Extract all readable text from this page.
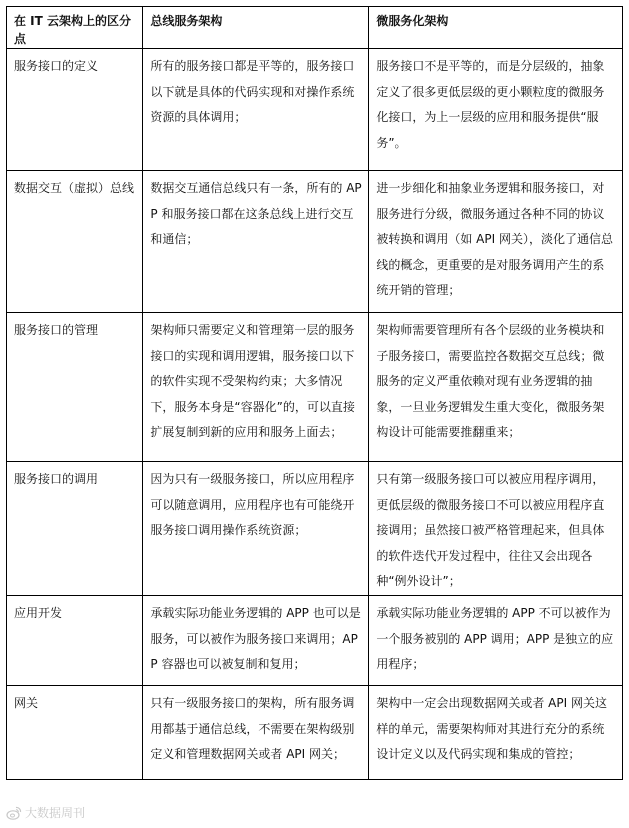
在 IT 云架构上的区分点	总线服务架构	微服务化架构
服务接口的定义	所有的服务接口都是平等的，服务接口以下就是具体的代码实现和对操作系统资源的具体调用；	服务接口不是平等的，而是分层级的，抽象定义了很多更低层级的更小颗粒度的微服务化接口，为上一层级的应用和服务提供“服务”。
数据交互（虚拟）总线	数据交互通信总线只有一条，所有的 APP 和服务接口都在这条总线上进行交互和通信；	进一步细化和抽象业务逻辑和服务接口，对服务进行分级，微服务通过各种不同的协议被转换和调用（如 API 网关），淡化了通信总线的概念，更重要的是对服务调用产生的系统开销的管理；
服务接口的管理	架构师只需要定义和管理第一层的服务接口的实现和调用逻辑，服务接口以下的软件实现不受架构约束；大多情况下，服务本身是“容器化”的，可以直接扩展复制到新的应用和服务上面去；	架构师需要管理所有各个层级的业务模块和子服务接口，需要监控各数据交互总线；微服务的定义严重依赖对现有业务逻辑的抽象，一旦业务逻辑发生重大变化，微服务架构设计可能需要推翻重来；
服务接口的调用	因为只有一级服务接口，所以应用程序可以随意调用，应用程序也有可能绕开服务接口调用操作系统资源；	只有第一级服务接口可以被应用程序调用，更低层级的微服务接口不可以被应用程序直接调用；虽然接口被严格管理起来，但具体的软件迭代开发过程中，往往又会出现各种“例外设计”；
应用开发	承载实际功能业务逻辑的 APP 也可以是服务，可以被作为服务接口来调用；APP 容器也可以被复制和复用；	承载实际功能业务逻辑的 APP 不可以被作为一个服务被别的 APP 调用；APP 是独立的应用程序；
网关	只有一级服务接口的架构，所有服务调用都基于通信总线，不需要在架构级别定义和管理数据网关或者 API 网关；	架构中一定会出现数据网关或者 API 网关这样的单元，需要架构师对其进行充分的系统设计定义以及代码实现和集成的管控；
大数据周刊
